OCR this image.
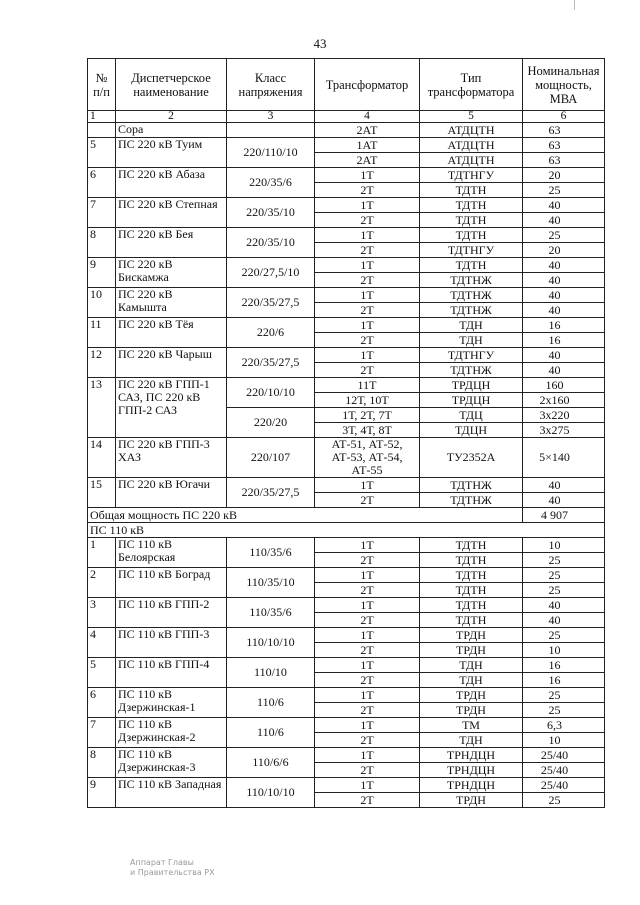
43
№ п/п	Диспетчерское наименование	Класс напряжения	Трансформатор	Тип трансформатора	Номинальная мощность, МВА
1	2	3	4	5	6
	Сора		2АТ	АТДЦТН	63
5	ПС 220 кВ Туим	220/110/10	1АТ	АТДЦТН	63
			2АТ	АТДЦТН	63
6	ПС 220 кВ Абаза	220/35/6	1Т	ТДТНГУ	20
			2Т	ТДТН	25
7	ПС 220 кВ Степная	220/35/10	1Т	ТДТН	40
			2Т	ТДТН	40
8	ПС 220 кВ Бея	220/35/10	1Т	ТДТН	25
			2Т	ТДТНГУ	20
9	ПС 220 кВ Бискамжа	220/27,5/10	1Т	ТДТН	40
			2Т	ТДТНЖ	40
10	ПС 220 кВ Камышта	220/35/27,5	1Т	ТДТНЖ	40
			2Т	ТДТНЖ	40
11	ПС 220 кВ Тёя	220/6	1Т	ТДН	16
			2Т	ТДН	16
12	ПС 220 кВ Чарыш	220/35/27,5	1Т	ТДТНГУ	40
			2Т	ТДТНЖ	40
13	ПС 220 кВ ГПП-1 САЗ, ПС 220 кВ ГПП-2 САЗ	220/10/10	11Т	ТРДЦН	160
			12Т, 10Т	ТРДЦН	2x160
		220/20	1Т, 2Т, 7Т	ТДЦ	3x220
			3Т, 4Т, 8Т	ТДЦН	3x275
14	ПС 220 кВ ГПП-3 ХАЗ	220/107	АТ-51, АТ-52, АТ-53, АТ-54, АТ-55	ТУ2352А	5×140
15	ПС 220 кВ Югачи	220/35/27,5	1Т	ТДТНЖ	40
			2Т	ТДТНЖ	40
Общая мощность ПС 220 кВ					4 907
ПС 110 кВ					
1	ПС 110 кВ Белоярская	110/35/6	1Т	ТДТН	10
			2Т	ТДТН	25
2	ПС 110 кВ Боград	110/35/10	1Т	ТДТН	25
			2Т	ТДТН	25
3	ПС 110 кВ ГПП-2	110/35/6	1Т	ТДТН	40
			2Т	ТДТН	40
4	ПС 110 кВ ГПП-3	110/10/10	1Т	ТРДН	25
			2Т	ТРДН	10
5	ПС 110 кВ ГПП-4	110/10	1Т	ТДН	16
			2Т	ТДН	16
6	ПС 110 кВ Дзержинская-1	110/6	1Т	ТРДН	25
			2Т	ТРДН	25
7	ПС 110 кВ Дзержинская-2	110/6	1Т	ТМ	6,3
			2Т	ТДН	10
8	ПС 110 кВ Дзержинская-3	110/6/6	1Т	ТРНДЦН	25/40
			2Т	ТРНДЦН	25/40
9	ПС 110 кВ Западная	110/10/10	1Т	ТРНДЦН	25/40
			2Т	ТРДН	25
Аппарат Главы
и Правительства РХ
